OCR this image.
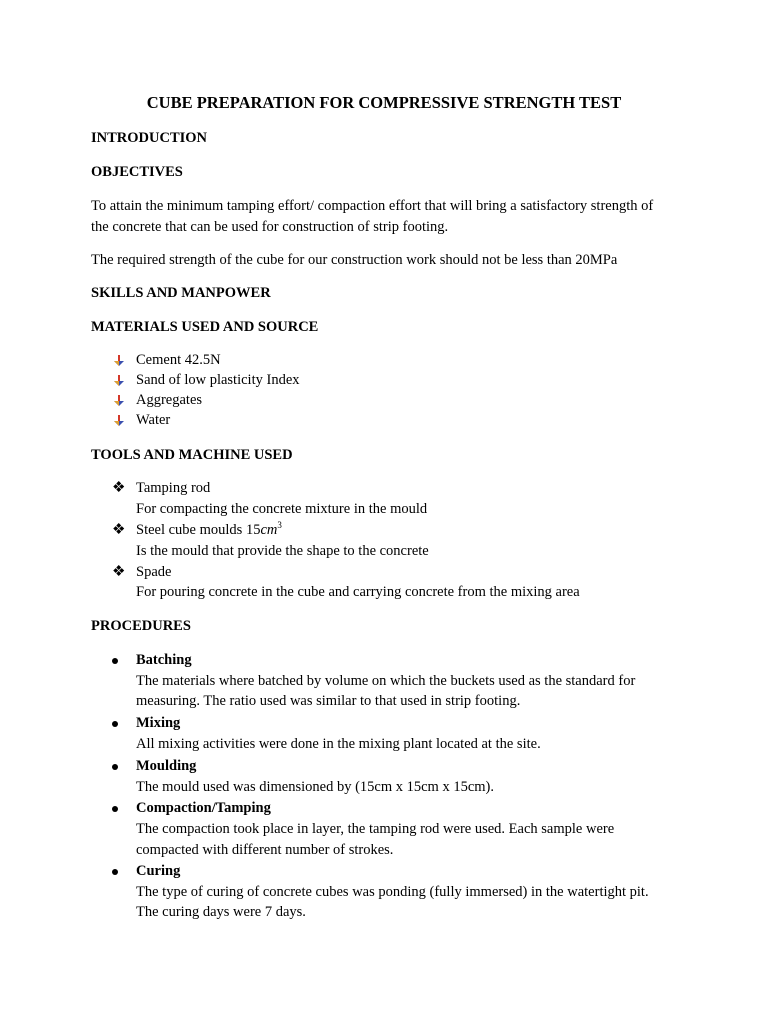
CUBE PREPARATION FOR COMPRESSIVE STRENGTH TEST
INTRODUCTION
OBJECTIVES
To attain the minimum tamping effort/ compaction effort that will bring a satisfactory strength of
the concrete that can be used for construction of strip footing.
The required strength of the cube for our construction work should not be less than 20MPa
SKILLS AND MANPOWER
MATERIALS USED AND SOURCE
Cement 42.5N
Sand of low plasticity Index
Aggregates
Water
TOOLS AND MACHINE USED
❖ Tamping rod
For compacting the concrete mixture in the mould
❖ Steel cube moulds $15cm^3$
Is the mould that provide the shape to the concrete
❖ Spade
For pouring concrete in the cube and carrying concrete from the mixing area
PROCEDURES
Batching
The materials where batched by volume on which the buckets used as the standard for
measuring. The ratio used was similar to that used in strip footing.
Mixing
All mixing activities were done in the mixing plant located at the site.
Moulding
The mould used was dimensioned by (15cm x 15cm x 15cm).
Compaction/Tamping
The compaction took place in layer, the tamping rod were used. Each sample were
compacted with different number of strokes.
Curing
The type of curing of concrete cubes was ponding (fully immersed) in the watertight pit.
The curing days were 7 days.
